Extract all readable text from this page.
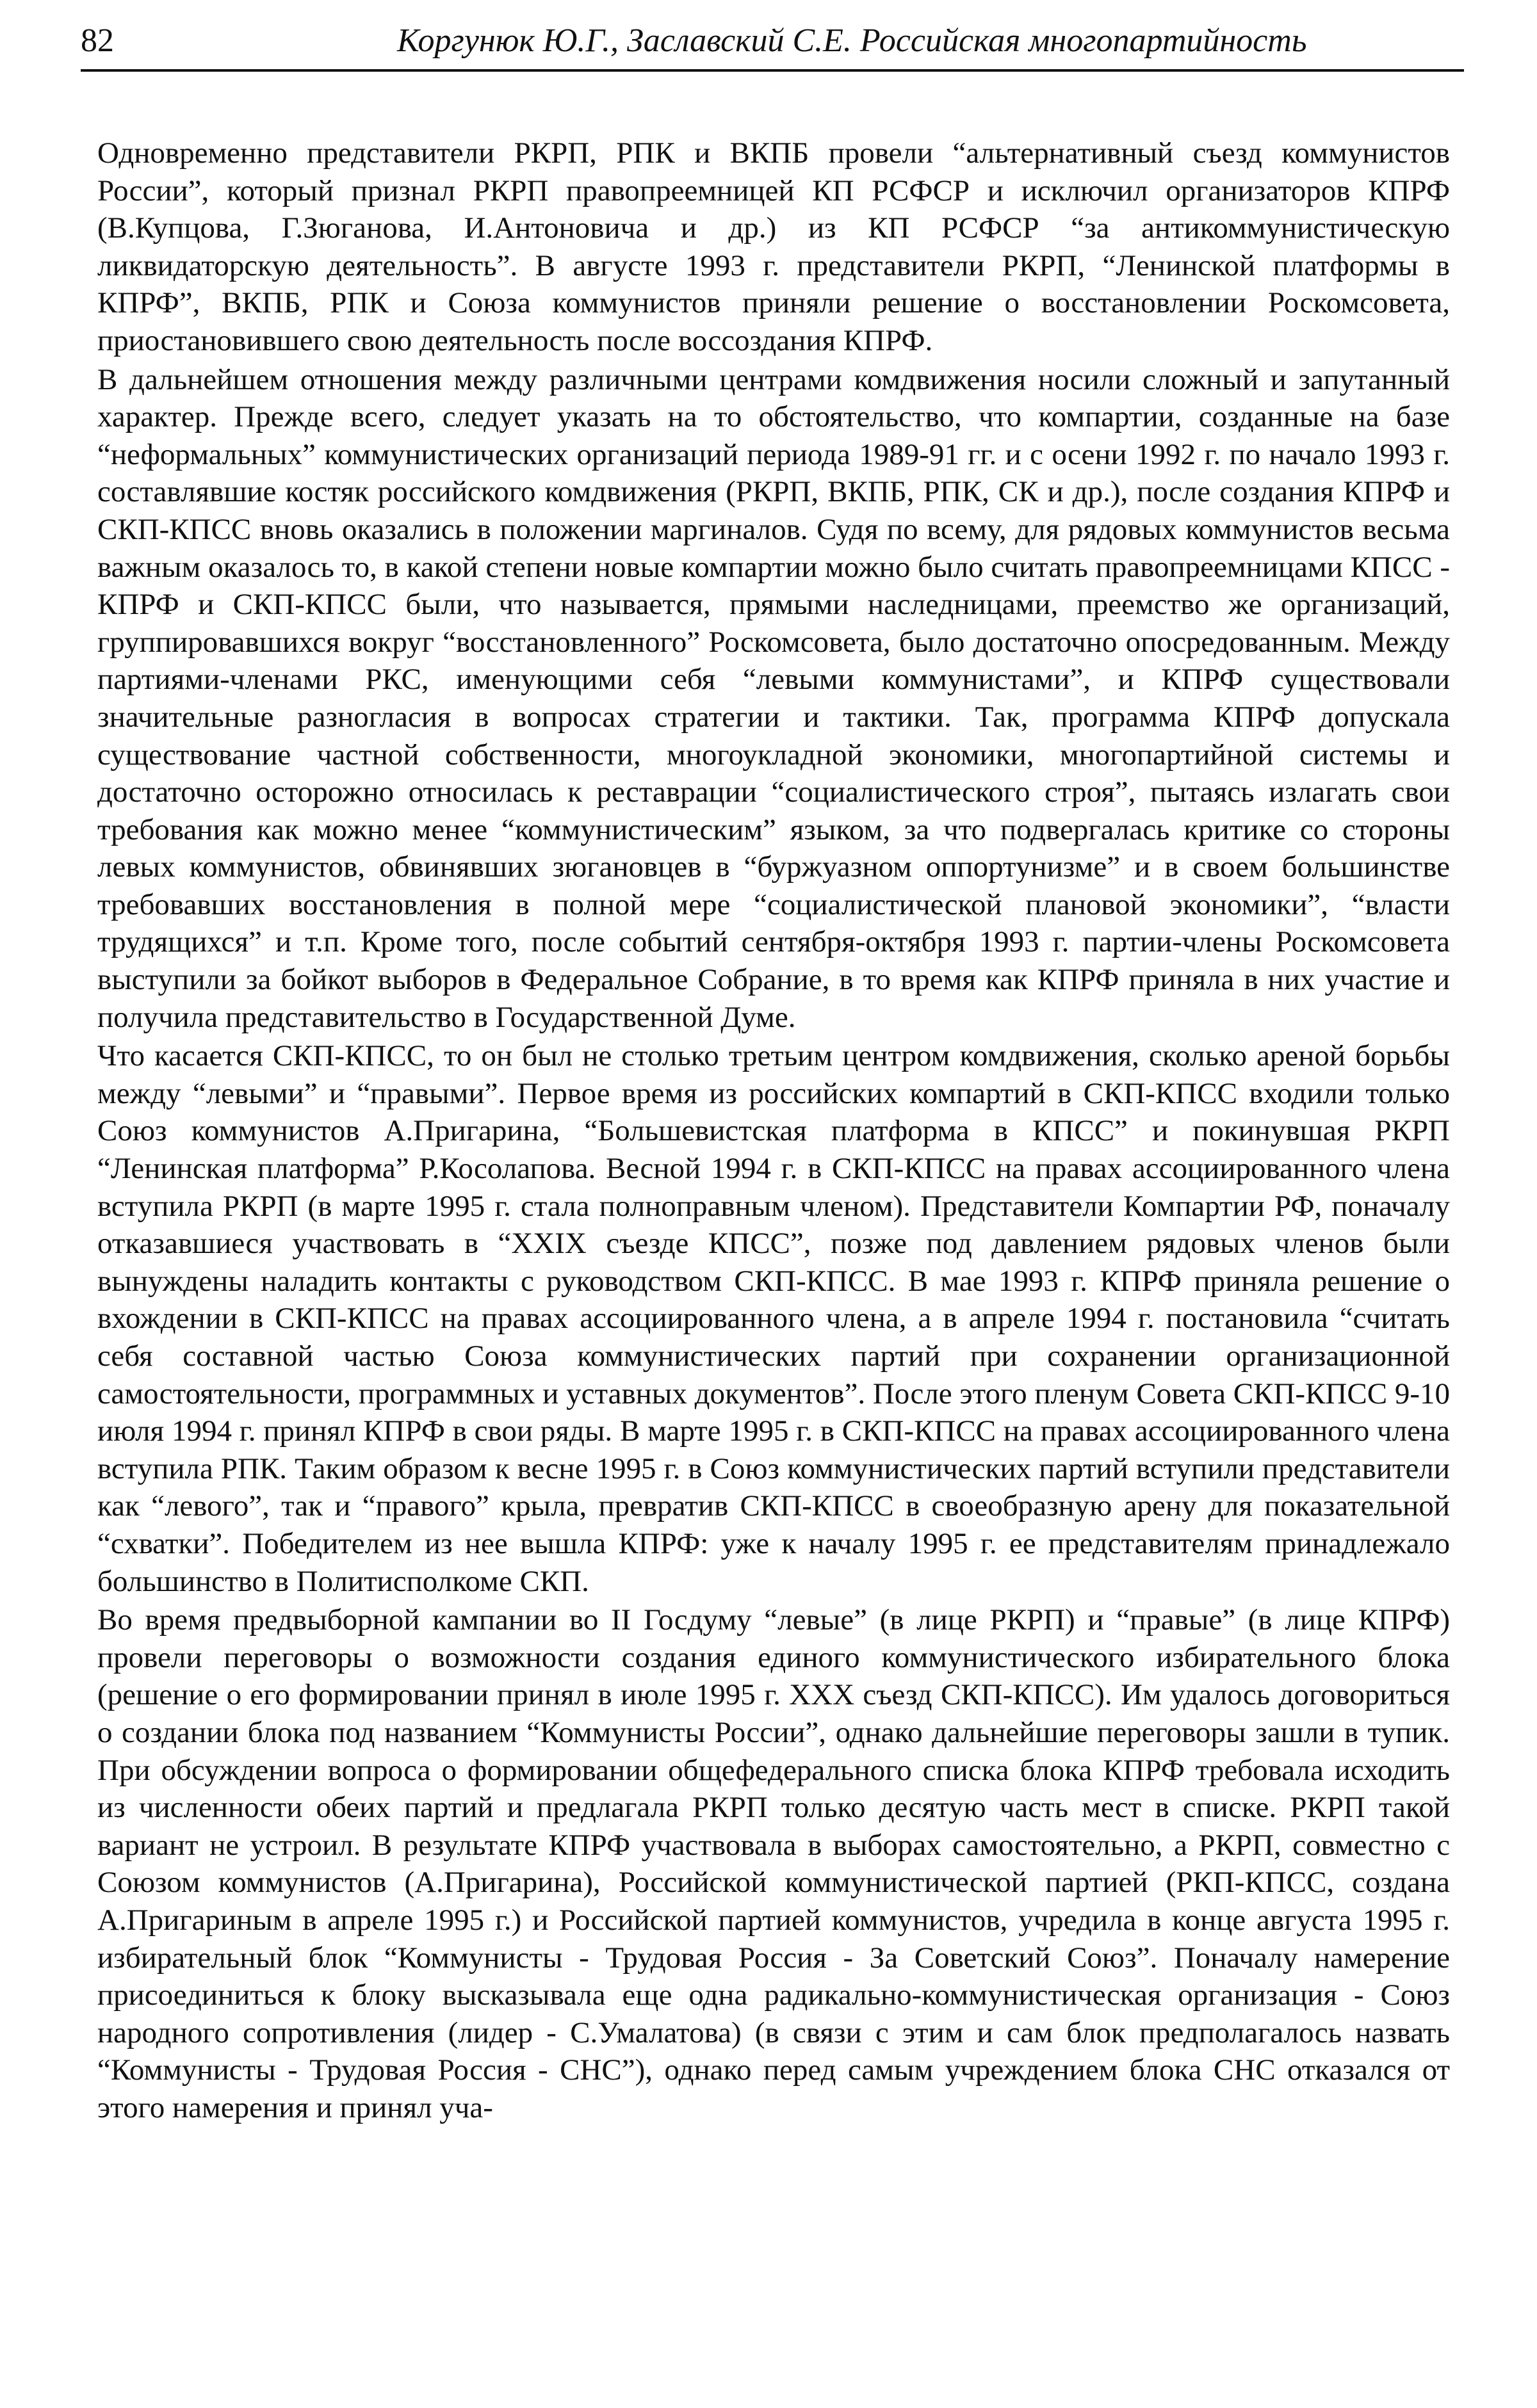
82	Коргунюк Ю.Г., Заславский С.Е. Российская многопартийность

Одновременно представители РКРП, РПК и ВКПБ провели “альтернативный съезд коммунистов России”, который признал РКРП правопреемницей КП РСФСР и исключил организаторов КПРФ (В.Купцова, Г.Зюганова, И.Антоновича и др.) из КП РСФСР “за антикоммунистическую ликвидаторскую деятельность”. В августе 1993 г. представители РКРП, “Ленинской платформы в КПРФ”, ВКПБ, РПК и Союза коммунистов приняли решение о восстановлении Роскомсовета, приостановившего свою деятельность после воссоздания КПРФ.

В дальнейшем отношения между различными центрами комдвижения носили сложный и запутанный характер. Прежде всего, следует указать на то обстоятельство, что компартии, созданные на базе “неформальных” коммунистических организаций периода 1989-91 гг. и с осени 1992 г. по начало 1993 г. составлявшие костяк российского комдвижения (РКРП, ВКПБ, РПК, СК и др.), после создания КПРФ и СКП-КПСС вновь оказались в положении маргиналов. Судя по всему, для рядовых коммунистов весьма важным оказалось то, в какой степени новые компартии можно было считать правопреемницами КПСС - КПРФ и СКП-КПСС были, что называется, прямыми наследницами, преемство же организаций, группировавшихся вокруг “восстановленного” Роскомсовета, было достаточно опосредованным. Между партиями-членами РКС, именующими себя “левыми коммунистами”, и КПРФ существовали значительные разногласия в вопросах стратегии и тактики. Так, программа КПРФ допускала существование частной собственности, многоукладной экономики, многопартийной системы и достаточно осторожно относилась к реставрации “социалистического строя”, пытаясь излагать свои требования как можно менее “коммунистическим” языком, за что подвергалась критике со стороны левых коммунистов, обвинявших зюгановцев в “буржуазном оппортунизме” и в своем большинстве требовавших восстановления в полной мере “социалистической плановой экономики”, “власти трудящихся” и т.п. Кроме того, после событий сентября-октября 1993 г. партии-члены Роскомсовета выступили за бойкот выборов в Федеральное Собрание, в то время как КПРФ приняла в них участие и получила представительство в Государственной Думе.

Что касается СКП-КПСС, то он был не столько третьим центром комдвижения, сколько ареной борьбы между “левыми” и “правыми”. Первое время из российских компартий в СКП-КПСС входили только Союз коммунистов А.Пригарина, “Большевистская платформа в КПСС” и покинувшая РКРП “Ленинская платформа” Р.Косолапова. Весной 1994 г. в СКП-КПСС на правах ассоциированного члена вступила РКРП (в марте 1995 г. стала полноправным членом). Представители Компартии РФ, поначалу отказавшиеся участвовать в “XXIX съезде КПСС”, позже под давлением рядовых членов были вынуждены наладить контакты с руководством СКП-КПСС. В мае 1993 г. КПРФ приняла решение о вхождении в СКП-КПСС на правах ассоциированного члена, а в апреле 1994 г. постановила “считать себя составной частью Союза коммунистических партий при сохранении организационной самостоятельности, программных и уставных документов”. После этого пленум Совета СКП-КПСС 9-10 июля 1994 г. принял КПРФ в свои ряды. В марте 1995 г. в СКП-КПСС на правах ассоциированного члена вступила РПК. Таким образом к весне 1995 г. в Союз коммунистических партий вступили представители как “левого”, так и “правого” крыла, превратив СКП-КПСС в своеобразную арену для показательной “схватки”. Победителем из нее вышла КПРФ: уже к началу 1995 г. ее представителям принадлежало большинство в Политисполкоме СКП.

Во время предвыборной кампании во II Госдуму “левые” (в лице РКРП) и “правые” (в лице КПРФ) провели переговоры о возможности создания единого коммунистического избирательного блока (решение о его формировании принял в июле 1995 г. XXX съезд СКП-КПСС). Им удалось договориться о создании блока под названием “Коммунисты России”, однако дальнейшие переговоры зашли в тупик. При обсуждении вопроса о формировании общефедерального списка блока КПРФ требовала исходить из численности обеих партий и предлагала РКРП только десятую часть мест в списке. РКРП такой вариант не устроил. В результате КПРФ участвовала в выборах самостоятельно, а РКРП, совместно с Союзом коммунистов (А.Пригарина), Российской коммунистической партией (РКП-КПСС, создана А.Пригариным в апреле 1995 г.) и Российской партией коммунистов, учредила в конце августа 1995 г. избирательный блок “Коммунисты - Трудовая Россия - За Советский Союз”. Поначалу намерение присоединиться к блоку высказывала еще одна радикально-коммунистическая организация - Союз народного сопротивления (лидер - С.Умалатова) (в связи с этим и сам блок предполагалось назвать “Коммунисты - Трудовая Россия - СНС”), однако перед самым учреждением блока СНС отказался от этого намерения и принял уча-
